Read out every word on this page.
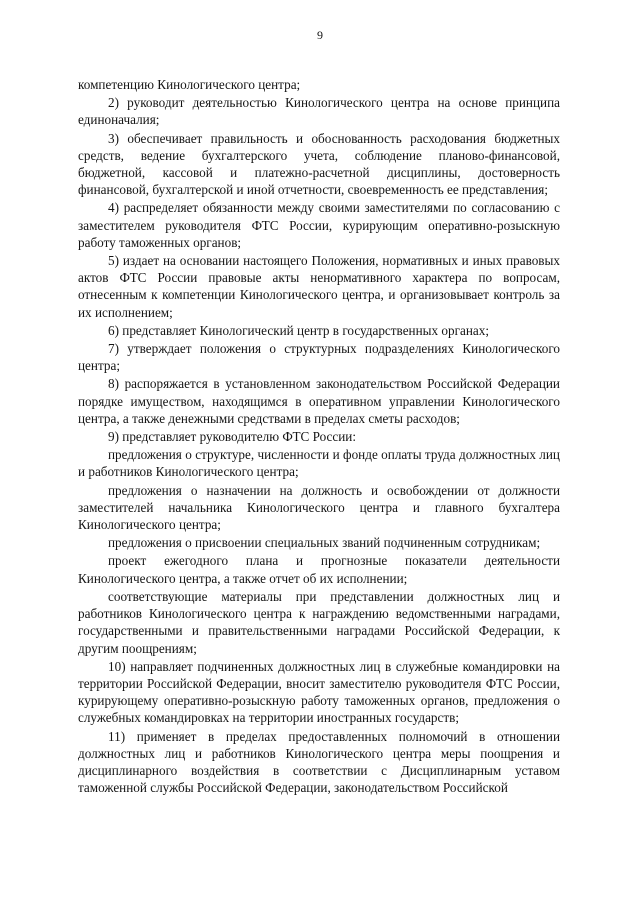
9

компетенцию Кинологического центра;

2) руководит деятельностью Кинологического центра на основе принципа единоначалия;

3) обеспечивает правильность и обоснованность расходования бюджетных средств, ведение бухгалтерского учета, соблюдение планово-финансовой, бюджетной, кассовой и платежно-расчетной дисциплины, достоверность финансовой, бухгалтерской и иной отчетности, своевременность ее представления;

4) распределяет обязанности между своими заместителями по согласованию с заместителем руководителя ФТС России, курирующим оперативно-розыскную работу таможенных органов;

5) издает на основании настоящего Положения, нормативных и иных правовых актов ФТС России правовые акты ненормативного характера по вопросам, отнесенным к компетенции Кинологического центра, и организовывает контроль за их исполнением;

6) представляет Кинологический центр в государственных органах;

7) утверждает положения о структурных подразделениях Кинологического центра;

8) распоряжается в установленном законодательством Российской Федерации порядке имуществом, находящимся в оперативном управлении Кинологического центра, а также денежными средствами в пределах сметы расходов;

9) представляет руководителю ФТС России:

предложения о структуре, численности и фонде оплаты труда должностных лиц и работников Кинологического центра;

предложения о назначении на должность и освобождении от должности заместителей начальника Кинологического центра и главного бухгалтера Кинологического центра;

предложения о присвоении специальных званий подчиненным сотрудникам;

проект ежегодного плана и прогнозные показатели деятельности Кинологического центра, а также отчет об их исполнении;

соответствующие материалы при представлении должностных лиц и работников Кинологического центра к награждению ведомственными наградами, государственными и правительственными наградами Российской Федерации, к другим поощрениям;

10) направляет подчиненных должностных лиц в служебные командировки на территории Российской Федерации, вносит заместителю руководителя ФТС России, курирующему оперативно-розыскную работу таможенных органов, предложения о служебных командировках на территории иностранных государств;

11) применяет в пределах предоставленных полномочий в отношении должностных лиц и работников Кинологического центра меры поощрения и дисциплинарного воздействия в соответствии с Дисциплинарным уставом таможенной службы Российской Федерации, законодательством Российской
